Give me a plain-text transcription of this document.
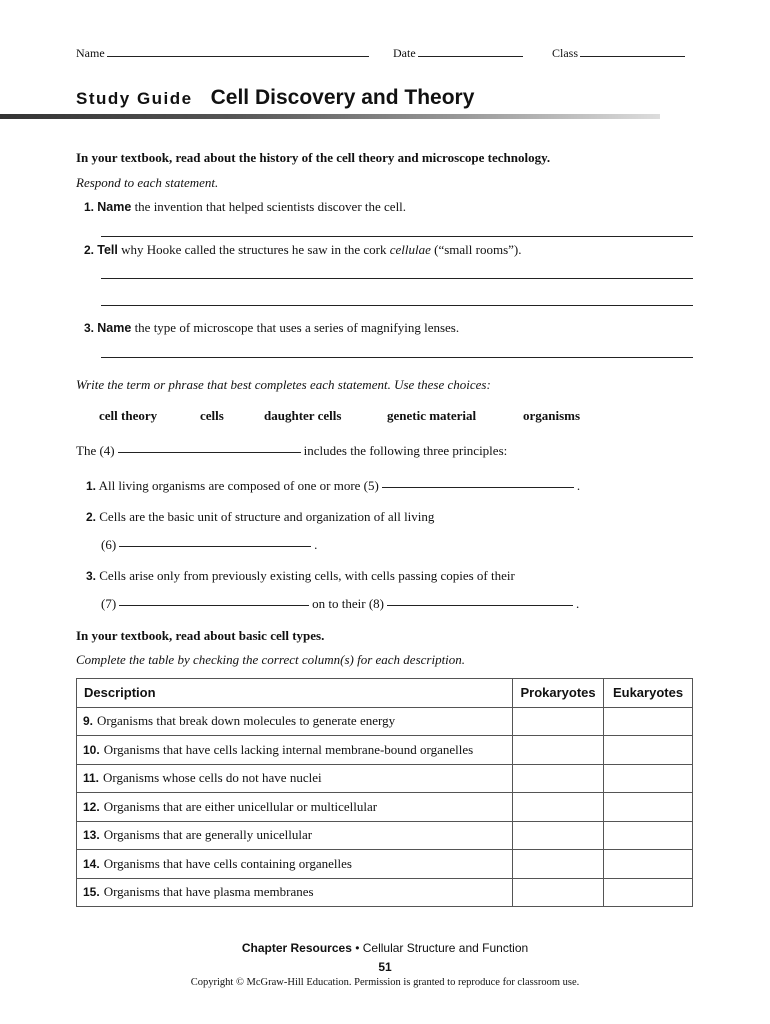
Name	Date	Class
Study Guide Cell Discovery and Theory
In your textbook, read about the history of the cell theory and microscope technology.
Respond to each statement.
1. Name the invention that helped scientists discover the cell.
2. Tell why Hooke called the structures he saw in the cork cellulae (“small rooms”).
3. Name the type of microscope that uses a series of magnifying lenses.
Write the term or phrase that best completes each statement. Use these choices:
cell theory	cells	daughter cells	genetic material	organisms
The (4)	includes the following three principles:
1. All living organisms are composed of one or more (5)	.
2. Cells are the basic unit of structure and organization of all living
(6)	.
3. Cells arise only from previously existing cells, with cells passing copies of their
(7)	on to their (8)	.
In your textbook, read about basic cell types.
Complete the table by checking the correct column(s) for each description.
Description	Prokaryotes	Eukaryotes
9. Organisms that break down molecules to generate energy		
10. Organisms that have cells lacking internal membrane-bound organelles		
11. Organisms whose cells do not have nuclei		
12. Organisms that are either unicellular or multicellular		
13. Organisms that are generally unicellular		
14. Organisms that have cells containing organelles		
15. Organisms that have plasma membranes		
Chapter Resources • Cellular Structure and Function
51
Copyright © McGraw-Hill Education. Permission is granted to reproduce for classroom use.
